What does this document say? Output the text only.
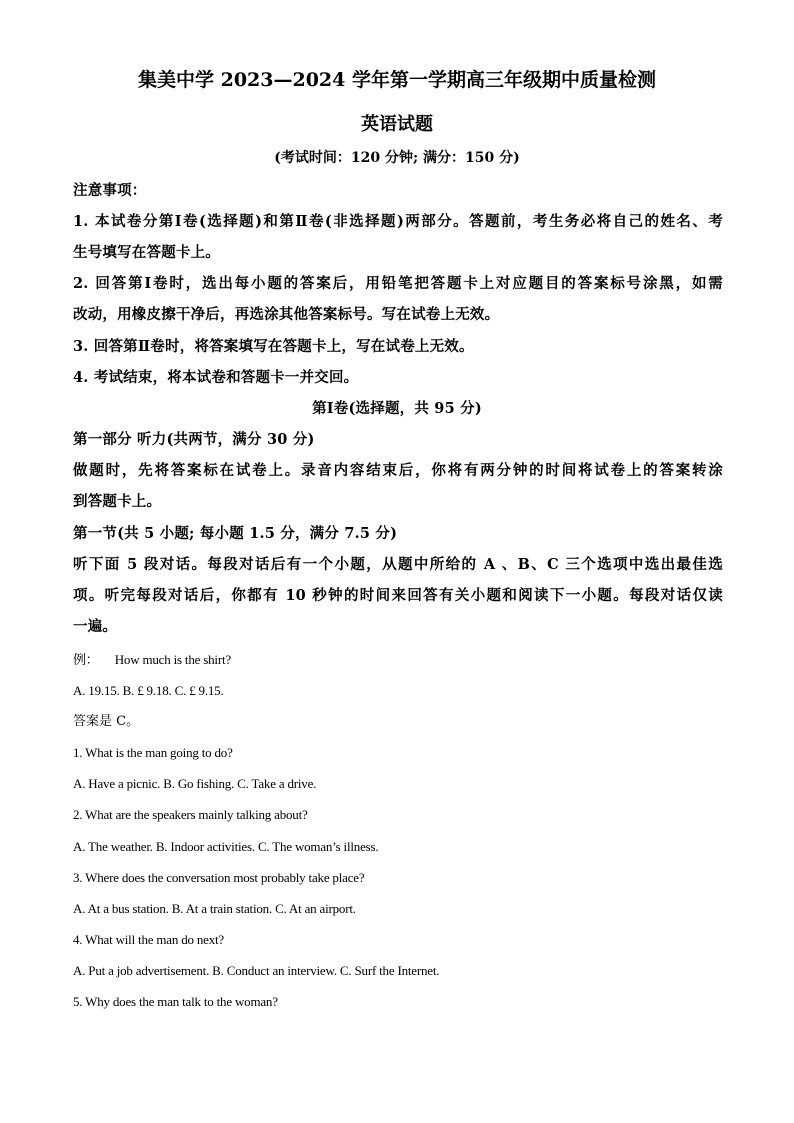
集美中学 2023—2024 学年第一学期高三年级期中质量检测
英语试题
(考试时间：120 分钟; 满分：150 分)
注意事项：
1. 本试卷分第Ⅰ卷(选择题)和第Ⅱ卷(非选择题)两部分。答题前，考生务必将自己的姓名、考
生号填写在答题卡上。
2. 回答第Ⅰ卷时，选出每小题的答案后，用铅笔把答题卡上对应题目的答案标号涂黑，如需
改动，用橡皮擦干净后，再选涂其他答案标号。写在试卷上无效。
3. 回答第Ⅱ卷时，将答案填写在答题卡上，写在试卷上无效。
4. 考试结束，将本试卷和答题卡一并交回。
第Ⅰ卷(选择题，共 95 分)
第一部分 听力(共两节，满分 30 分)
做题时，先将答案标在试卷上。录音内容结束后，你将有两分钟的时间将试卷上的答案转涂
到答题卡上。
第一节(共 5 小题; 每小题 1.5 分，满分 7.5 分)
听下面 5 段对话。每段对话后有一个小题，从题中所给的 A 、B、C 三个选项中选出最佳选
项。听完每段对话后，你都有 10 秒钟的时间来回答有关小题和阅读下一小题。每段对话仅读
一遍。
例： How much is the shirt?
A. 19.15. B. £ 9.18. C. £ 9.15.
答案是 C。
1. What is the man going to do?
A. Have a picnic. B. Go fishing. C. Take a drive.
2. What are the speakers mainly talking about?
A. The weather. B. Indoor activities. C. The woman’s illness.
3. Where does the conversation most probably take place?
A. At a bus station. B. At a train station. C. At an airport.
4. What will the man do next?
A. Put a job advertisement. B. Conduct an interview. C. Surf the Internet.
5. Why does the man talk to the woman?
